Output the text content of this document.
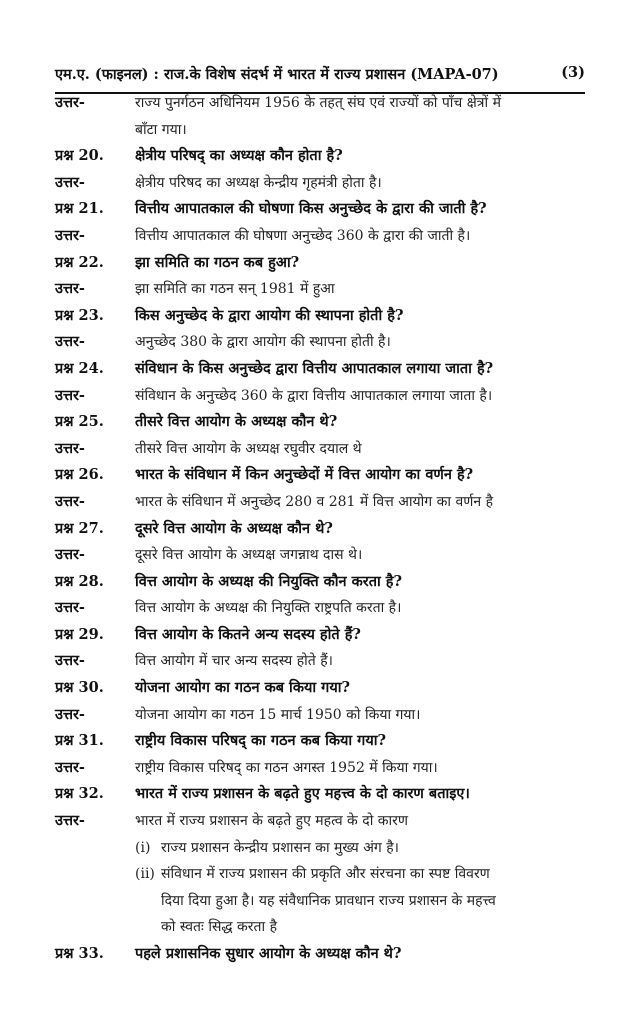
एम.ए. (फाइनल) : राज.के विशेष संदर्भ में भारत में राज्य प्रशासन (MAPA-07)	(3)
उत्तर-	राज्य पुनर्गठन अधिनियम 1956 के तहत् संघ एवं राज्यों को पाँच क्षेत्रों में
बाँटा गया।
प्रश्न 20.	क्षेत्रीय परिषद् का अध्यक्ष कौन होता है?
उत्तर-	क्षेत्रीय परिषद का अध्यक्ष केन्द्रीय गृहमंत्री होता है।
प्रश्न 21.	वित्तीय आपातकाल की घोषणा किस अनुच्छेद के द्वारा की जाती है?
उत्तर-	वित्तीय आपातकाल की घोषणा अनुच्छेद 360 के द्वारा की जाती है।
प्रश्न 22.	झा समिति का गठन कब हुआ?
उत्तर-	झा समिति का गठन सन् 1981 में हुआ
प्रश्न 23.	किस अनुच्छेद के द्वारा आयोग की स्थापना होती है?
उत्तर-	अनुच्छेद 380 के द्वारा आयोग की स्थापना होती है।
प्रश्न 24.	संविधान के किस अनुच्छेद द्वारा वित्तीय आपातकाल लगाया जाता है?
उत्तर-	संविधान के अनुच्छेद 360 के द्वारा वित्तीय आपातकाल लगाया जाता है।
प्रश्न 25.	तीसरे वित्त आयोग के अध्यक्ष कौन थे?
उत्तर-	तीसरे वित्त आयोग के अध्यक्ष रघुवीर दयाल थे
प्रश्न 26.	भारत के संविधान में किन अनुच्छेदों में वित्त आयोग का वर्णन है?
उत्तर-	भारत के संविधान में अनुच्छेद 280 व 281 में वित्त आयोग का वर्णन है
प्रश्न 27.	दूसरे वित्त आयोग के अध्यक्ष कौन थे?
उत्तर-	दूसरे वित्त आयोग के अध्यक्ष जगन्नाथ दास थे।
प्रश्न 28.	वित्त आयोग के अध्यक्ष की नियुक्ति कौन करता है?
उत्तर-	वित्त आयोग के अध्यक्ष की नियुक्ति राष्ट्रपति करता है।
प्रश्न 29.	वित्त आयोग के कितने अन्य सदस्य होते हैं?
उत्तर-	वित्त आयोग में चार अन्य सदस्य होते हैं।
प्रश्न 30.	योजना आयोग का गठन कब किया गया?
उत्तर-	योजना आयोग का गठन 15 मार्च 1950 को किया गया।
प्रश्न 31.	राष्ट्रीय विकास परिषद् का गठन कब किया गया?
उत्तर-	राष्ट्रीय विकास परिषद् का गठन अगस्त 1952 में किया गया।
प्रश्न 32.	भारत में राज्य प्रशासन के बढ़ते हुए महत्त्व के दो कारण बताइए।
उत्तर-	भारत में राज्य प्रशासन के बढ़ते हुए महत्व के दो कारण
(i) राज्य प्रशासन केन्द्रीय प्रशासन का मुख्य अंग है।
(ii) संविधान में राज्य प्रशासन की प्रकृति और संरचना का स्पष्ट विवरण
दिया दिया हुआ है। यह संवैधानिक प्रावधान राज्य प्रशासन के महत्त्व
को स्वतः सिद्ध करता है
प्रश्न 33.	पहले प्रशासनिक सुधार आयोग के अध्यक्ष कौन थे?
